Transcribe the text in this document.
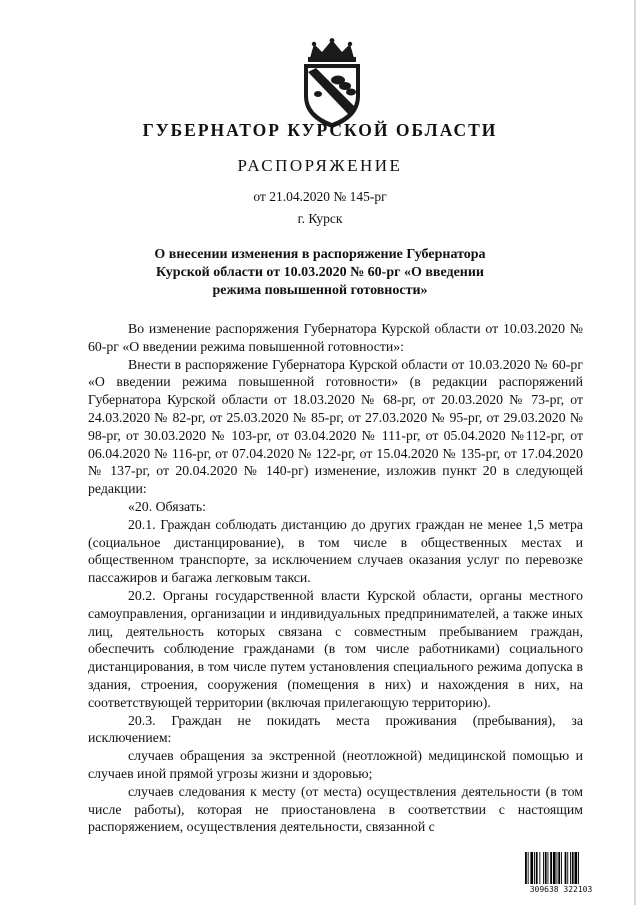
ГУБЕРНАТОР КУРСКОЙ ОБЛАСТИ
РАСПОРЯЖЕНИЕ
от 21.04.2020 № 145-рг
г. Курск
О внесении изменения в распоряжение Губернатора Курской области от 10.03.2020 № 60-рг «О введении режима повышенной готовности»

Во изменение распоряжения Губернатора Курской области от 10.03.2020 № 60-рг «О введении режима повышенной готовности»:

Внести в распоряжение Губернатора Курской области от 10.03.2020 № 60-рг «О введении режима повышенной готовности» (в редакции распоряжений Губернатора Курской области от 18.03.2020 № 68-рг, от 20.03.2020 № 73-рг, от 24.03.2020 № 82-рг, от 25.03.2020 № 85-рг, от 27.03.2020 № 95-рг, от 29.03.2020 № 98-рг, от 30.03.2020 № 103-рг, от 03.04.2020 № 111-рг, от 05.04.2020 №112-рг, от 06.04.2020 № 116-рг, от 07.04.2020 № 122-рг, от 15.04.2020 № 135-рг, от 17.04.2020 № 137-рг, от 20.04.2020 № 140-рг) изменение, изложив пункт 20 в следующей редакции:

«20. Обязать:

20.1. Граждан соблюдать дистанцию до других граждан не менее 1,5 метра (социальное дистанцирование), в том числе в общественных местах и общественном транспорте, за исключением случаев оказания услуг по перевозке пассажиров и багажа легковым такси.

20.2. Органы государственной власти Курской области, органы местного самоуправления, организации и индивидуальных предпринимателей, а также иных лиц, деятельность которых связана с совместным пребыванием граждан, обеспечить соблюдение гражданами (в том числе работниками) социального дистанцирования, в том числе путем установления специального режима допуска в здания, строения, сооружения (помещения в них) и нахождения в них, на соответствующей территории (включая прилегающую территорию).

20.3. Граждан не покидать места проживания (пребывания), за исключением:

случаев обращения за экстренной (неотложной) медицинской помощью и случаев иной прямой угрозы жизни и здоровью;

случаев следования к месту (от места) осуществления деятельности (в том числе работы), которая не приостановлена в соответствии с настоящим распоряжением, осуществления деятельности, связанной с

309638 322103
